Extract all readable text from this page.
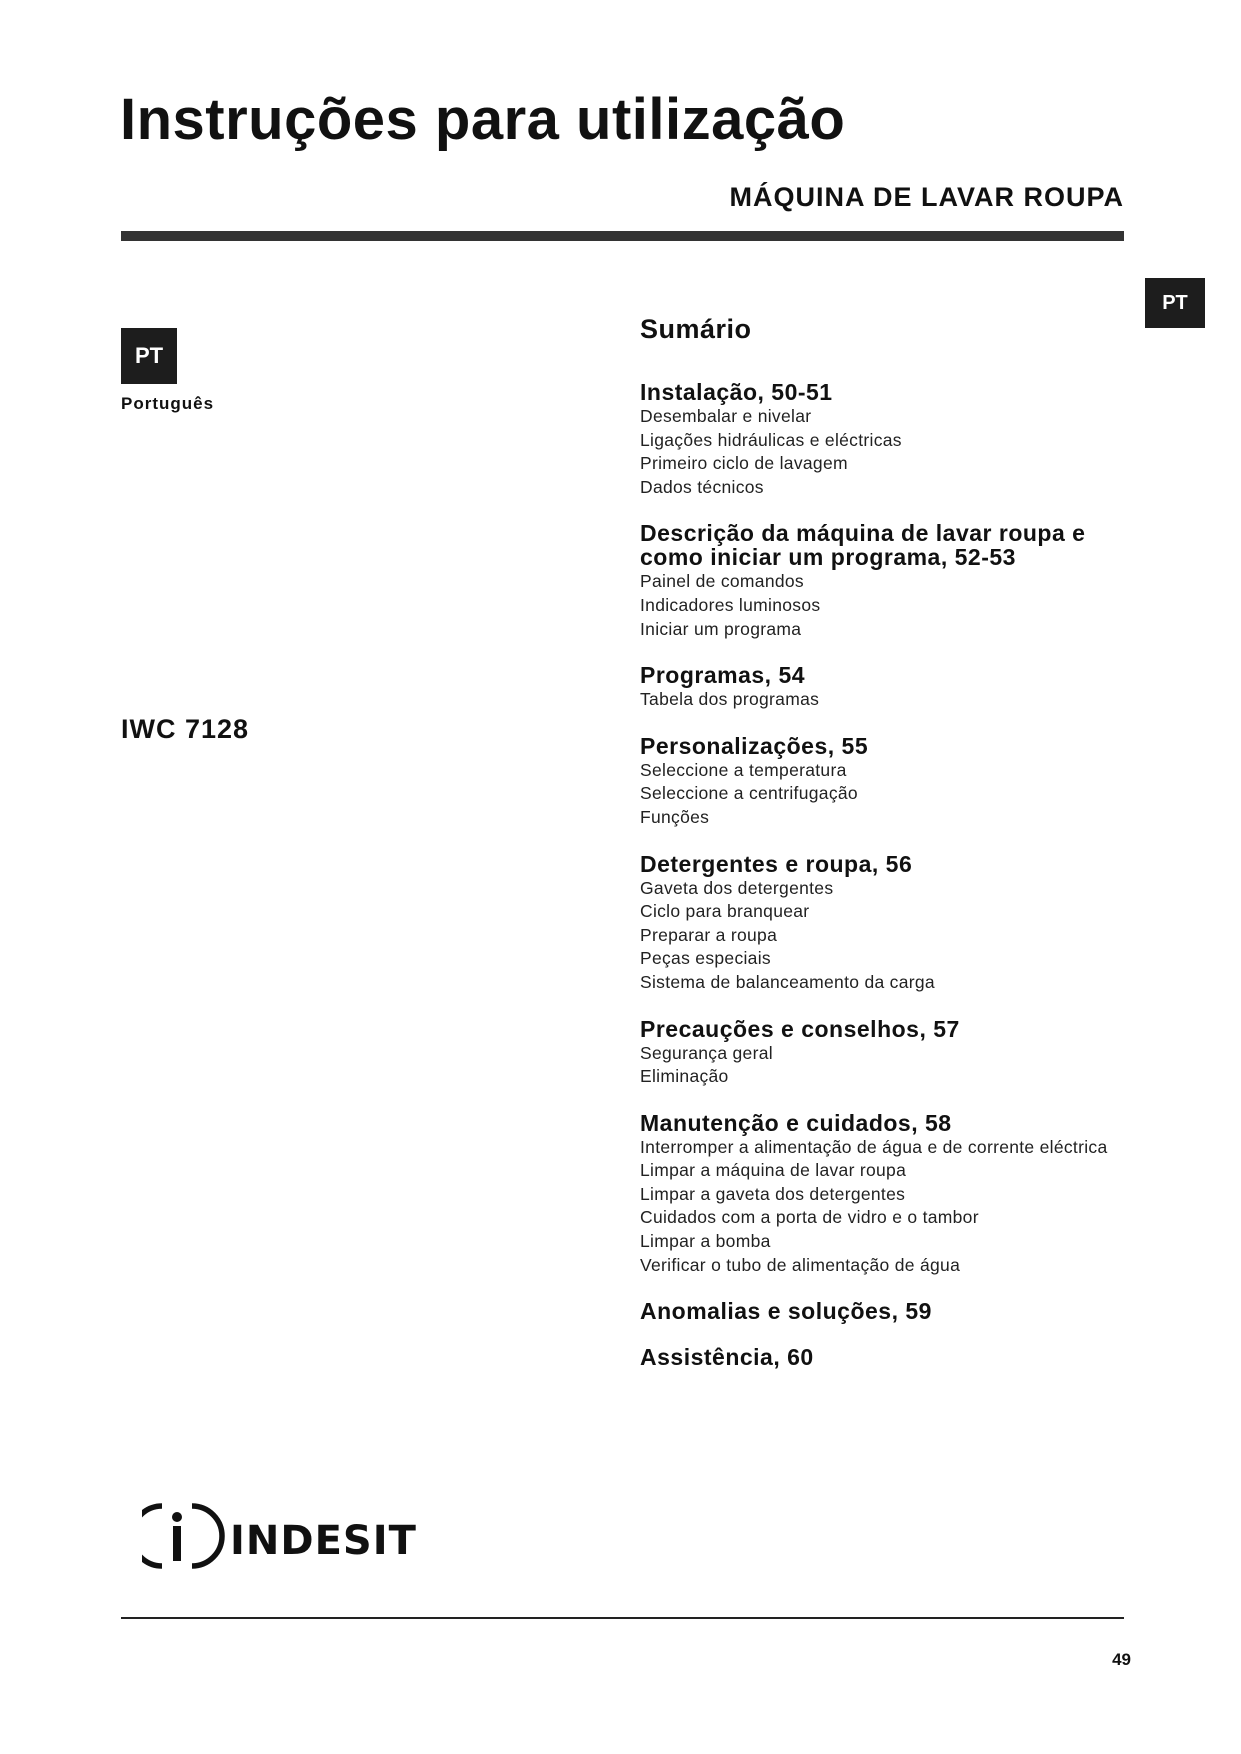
Instruções para utilização
MÁQUINA DE LAVAR ROUPA
PT
PT
Português
IWC 7128
Sumário
Instalação, 50-51
Desembalar e nivelar
Ligações hidráulicas e eléctricas
Primeiro ciclo de lavagem
Dados técnicos
Descrição da máquina de lavar roupa e como iniciar um programa, 52-53
Painel de comandos
Indicadores luminosos
Iniciar um programa
Programas, 54
Tabela dos programas
Personalizações, 55
Seleccione a temperatura
Seleccione a centrifugação
Funções
Detergentes e roupa, 56
Gaveta dos detergentes
Ciclo para branquear
Preparar a roupa
Peças especiais
Sistema de balanceamento da carga
Precauções e conselhos, 57
Segurança geral
Eliminação
Manutenção e cuidados, 58
Interromper a alimentação de água e de corrente eléctrica
Limpar a máquina de lavar roupa
Limpar a gaveta dos detergentes
Cuidados com a porta de vidro e o tambor
Limpar a bomba
Verificar o tubo de alimentação de água
Anomalias e soluções, 59
Assistência, 60
INDESIT
49
